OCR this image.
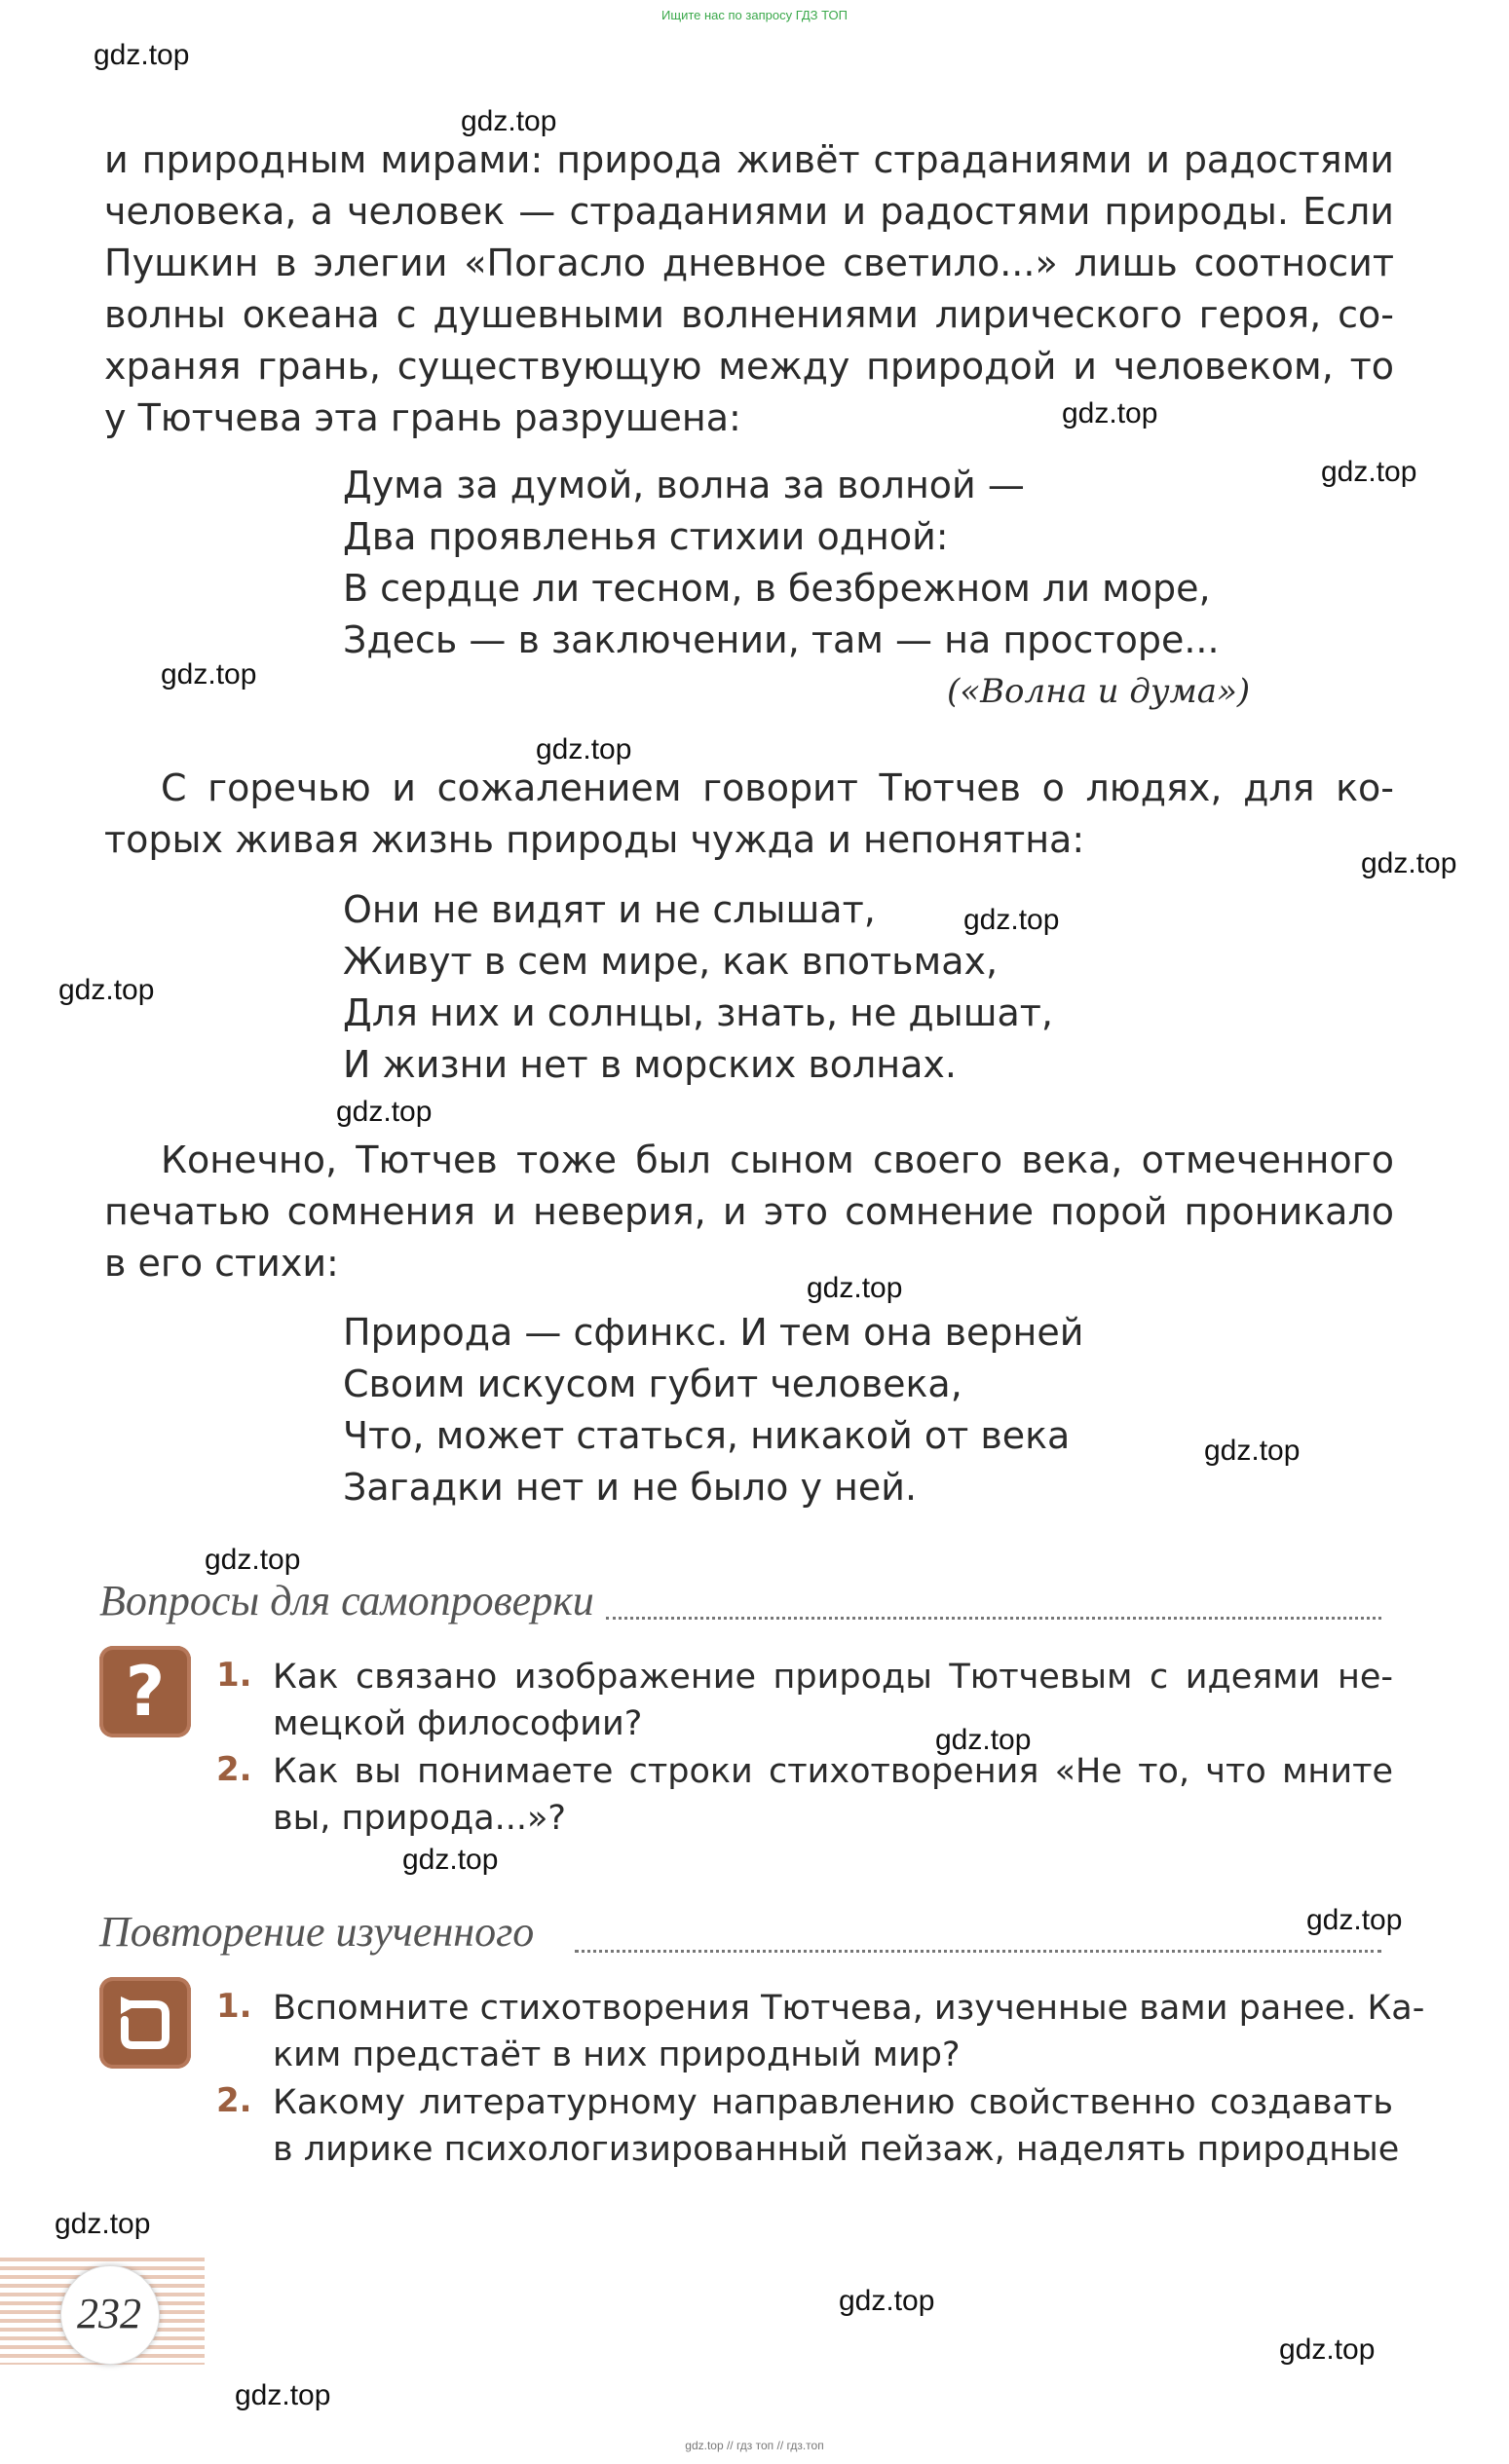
Ищите нас по запросу ГДЗ ТОП
и природным мирами: природа живёт страданиями и радостями
человека, а человек — страданиями и радостями природы. Если
Пушкин в элегии «Погасло дневное светило...» лишь соотносит
волны океана с душевными волнениями лирического героя, со-
храняя грань, существующую между природой и человеком, то
у Тютчева эта грань разрушена:
Дума за думой, волна за волной —
Два проявленья стихии одной:
В сердце ли тесном, в безбрежном ли море,
Здесь — в заключении, там — на просторе...
(«Волна и дума»)
С горечью и сожалением говорит Тютчев о людях, для ко-
торых живая жизнь природы чужда и непонятна:
Они не видят и не слышат,
Живут в сем мире, как впотьмах,
Для них и солнцы, знать, не дышат,
И жизни нет в морских волнах.
Конечно, Тютчев тоже был сыном своего века, отмеченного
печатью сомнения и неверия, и это сомнение порой проникало
в его стихи:
Природа — сфинкс. И тем она верней
Своим искусом губит человека,
Что, может статься, никакой от века
Загадки нет и не было у ней.
Вопросы для самопроверки
?	1. Как связано изображение природы Тютчевым с идеями не-
мецкой философии?
2. Как вы понимаете строки стихотворения «Не то, что мните
вы, природа...»?
Повторение изученного
1. Вспомните стихотворения Тютчева, изученные вами ранее. Ка-
ким предстаёт в них природный мир?
2. Какому литературному направлению свойственно создавать
в лирике психологизированный пейзаж, наделять природные
232
gdz.top
gdz.top
gdz.top
gdz.top
gdz.top
gdz.top
gdz.top
gdz.top
gdz.top
gdz.top
gdz.top
gdz.top
gdz.top
gdz.top
gdz.top
gdz.top
gdz.top
gdz.top
gdz.top
gdz.top
gdz.top // гдз топ // гдз.топ
